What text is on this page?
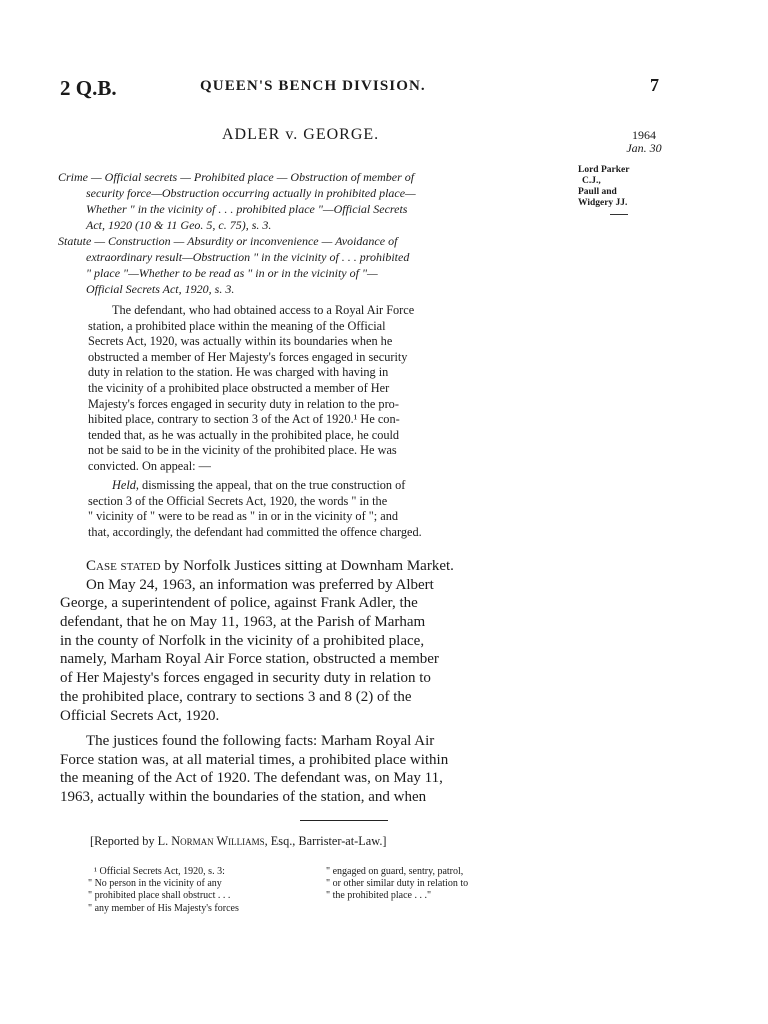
2 Q.B.	QUEEN'S BENCH DIVISION.	7
ADLER v. GEORGE.	1964
Jan. 30
Lord Parker
C.J.,
Paull and
Widgery JJ.
Crime — Official secrets — Prohibited place — Obstruction of member of
security force—Obstruction occurring actually in prohibited place—
Whether " in the vicinity of . . . prohibited place "—Official Secrets
Act, 1920 (10 & 11 Geo. 5, c. 75), s. 3.
Statute — Construction — Absurdity or inconvenience — Avoidance of
extraordinary result—Obstruction " in the vicinity of . . . prohibited
" place "—Whether to be read as " in or in the vicinity of "—
Official Secrets Act, 1920, s. 3.
The defendant, who had obtained access to a Royal Air Force
station, a prohibited place within the meaning of the Official
Secrets Act, 1920, was actually within its boundaries when he
obstructed a member of Her Majesty's forces engaged in security
duty in relation to the station. He was charged with having in
the vicinity of a prohibited place obstructed a member of Her
Majesty's forces engaged in security duty in relation to the pro-
hibited place, contrary to section 3 of the Act of 1920.¹ He con-
tended that, as he was actually in the prohibited place, he could
not be said to be in the vicinity of the prohibited place. He was
convicted. On appeal: —
Held, dismissing the appeal, that on the true construction of
section 3 of the Official Secrets Act, 1920, the words " in the
" vicinity of " were to be read as " in or in the vicinity of "; and
that, accordingly, the defendant had committed the offence charged.
Case stated by Norfolk Justices sitting at Downham Market.
On May 24, 1963, an information was preferred by Albert
George, a superintendent of police, against Frank Adler, the
defendant, that he on May 11, 1963, at the Parish of Marham
in the county of Norfolk in the vicinity of a prohibited place,
namely, Marham Royal Air Force station, obstructed a member
of Her Majesty's forces engaged in security duty in relation to
the prohibited place, contrary to sections 3 and 8 (2) of the
Official Secrets Act, 1920.
The justices found the following facts: Marham Royal Air
Force station was, at all material times, a prohibited place within
the meaning of the Act of 1920. The defendant was, on May 11,
1963, actually within the boundaries of the station, and when
[Reported by L. Norman Williams, Esq., Barrister-at-Law.]
¹ Official Secrets Act, 1920, s. 3:
" No person in the vicinity of any
" prohibited place shall obstruct . . .
" any member of His Majesty's forces
" engaged on guard, sentry, patrol,
" or other similar duty in relation to
" the prohibited place . . ."
